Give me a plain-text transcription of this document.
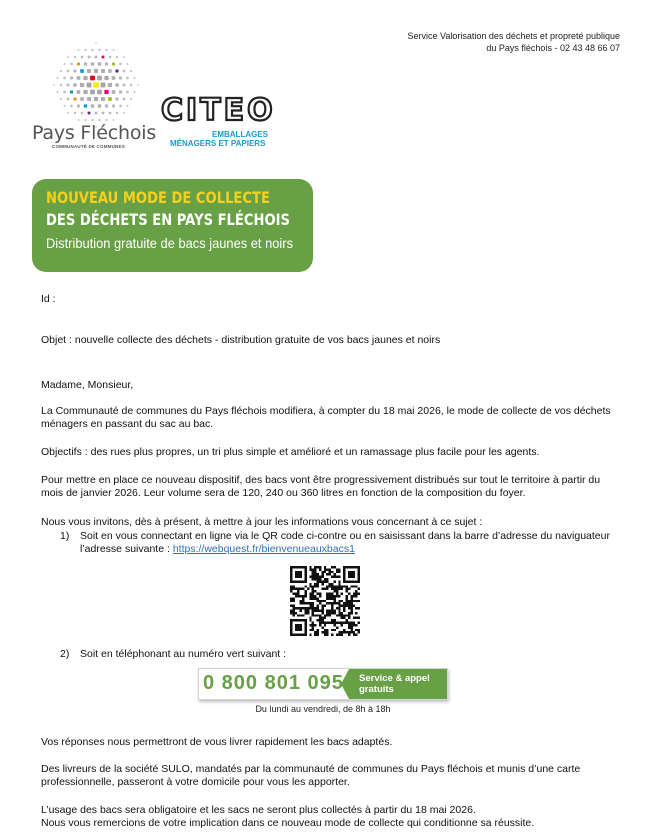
Service Valorisation des déchets et propreté publique
du Pays fléchois - 02 43 48 66 07
Pays Fléchois
COMMUNAUTÉ DE COMMUNES
CITEO
EMBALLAGES
MÉNAGERS ET PAPIERS
NOUVEAU MODE DE COLLECTE
DES DÉCHETS EN PAYS FLÉCHOIS
Distribution gratuite de bacs jaunes et noirs
Id :
Objet : nouvelle collecte des déchets - distribution gratuite de vos bacs jaunes et noirs
Madame, Monsieur,
La Communauté de communes du Pays fléchois modifiera, à compter du 18 mai 2026, le mode de collecte de vos déchets ménagers en passant du sac au bac.
Objectifs : des rues plus propres, un tri plus simple et amélioré et un ramassage plus facile pour les agents.
Pour mettre en place ce nouveau dispositif, des bacs vont être progressivement distribués sur tout le territoire à partir du mois de janvier 2026. Leur volume sera de 120, 240 ou 360 litres en fonction de la composition du foyer.
Nous vous invitons, dès à présent, à mettre à jour les informations vous concernant à ce sujet :
1) Soit en vous connectant en ligne via le QR code ci-contre ou en saisissant dans la barre d’adresse du naviguateur l’adresse suivante : https://webquest.fr/bienvenueauxbacs1
2) Soit en téléphonant au numéro vert suivant :
0 800 801 095 Service & appel
gratuits
Du lundi au vendredi, de 8h à 18h
Vos réponses nous permettront de vous livrer rapidement les bacs adaptés.
Des livreurs de la société SULO, mandatés par la communauté de communes du Pays fléchois et munis d’une carte professionnelle, passeront à votre domicile pour vous les apporter.
L’usage des bacs sera obligatoire et les sacs ne seront plus collectés à partir du 18 mai 2026.
Nous vous remercions de votre implication dans ce nouveau mode de collecte qui conditionne sa réussite.
